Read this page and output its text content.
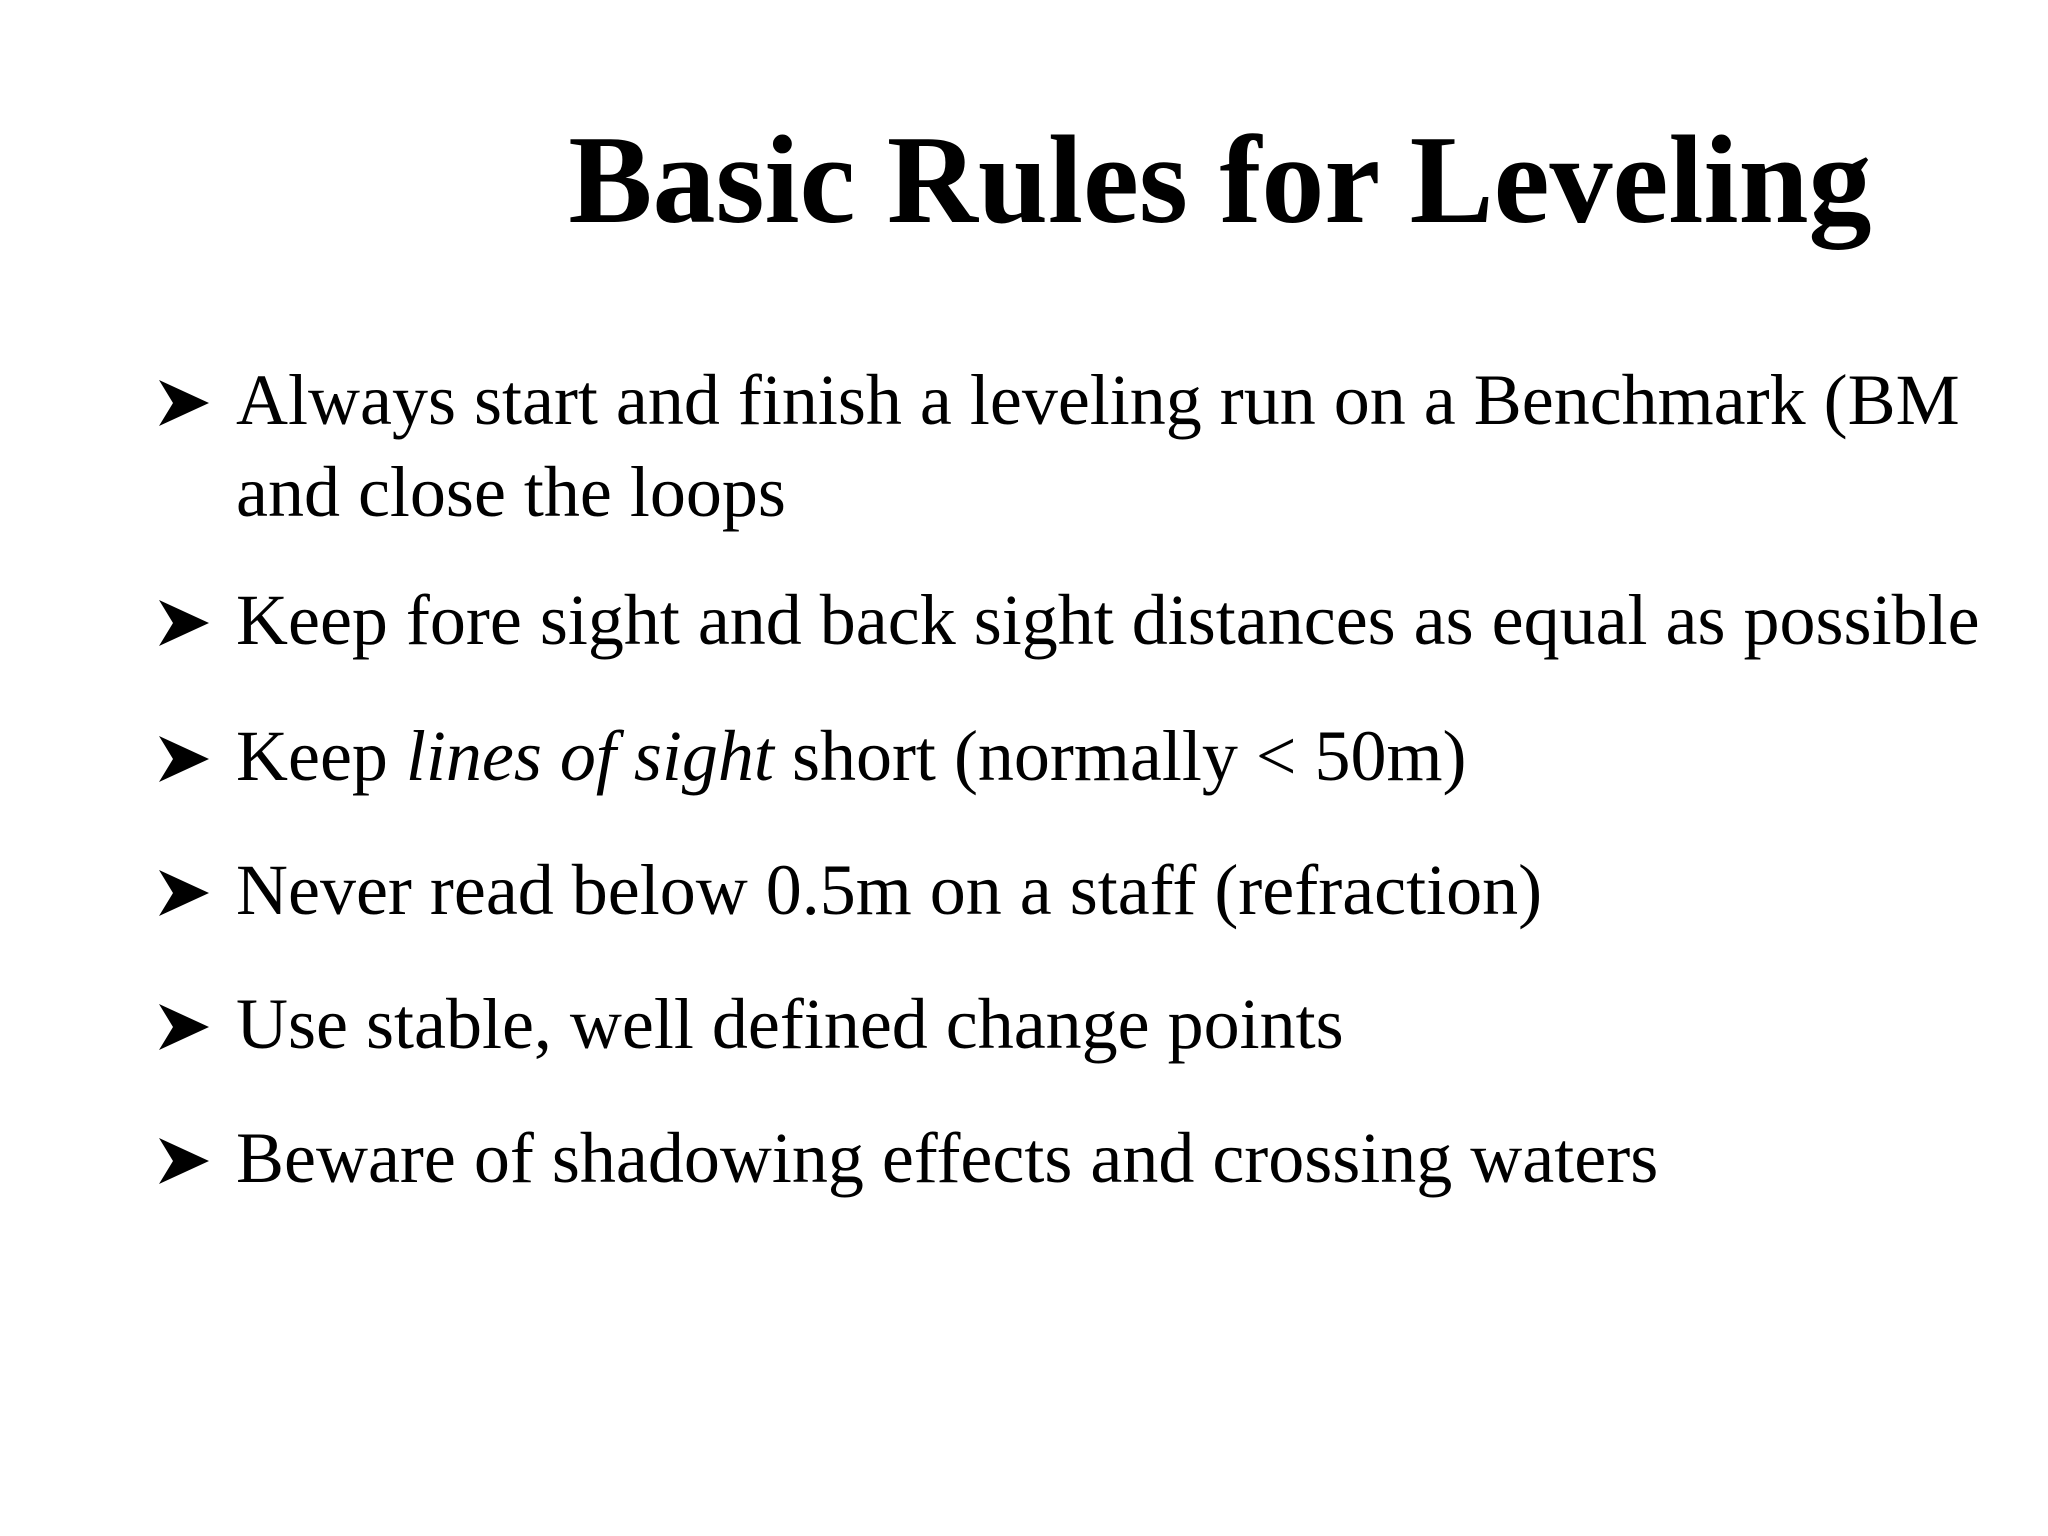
Basic Rules for Leveling
Always start and finish a leveling run on a Benchmark (BM
and close the loops
Keep fore sight and back sight distances as equal as possible
Keep lines of sight short (normally < 50m)
Never read below 0.5m on a staff (refraction)
Use stable, well defined change points
Beware of shadowing effects and crossing waters
